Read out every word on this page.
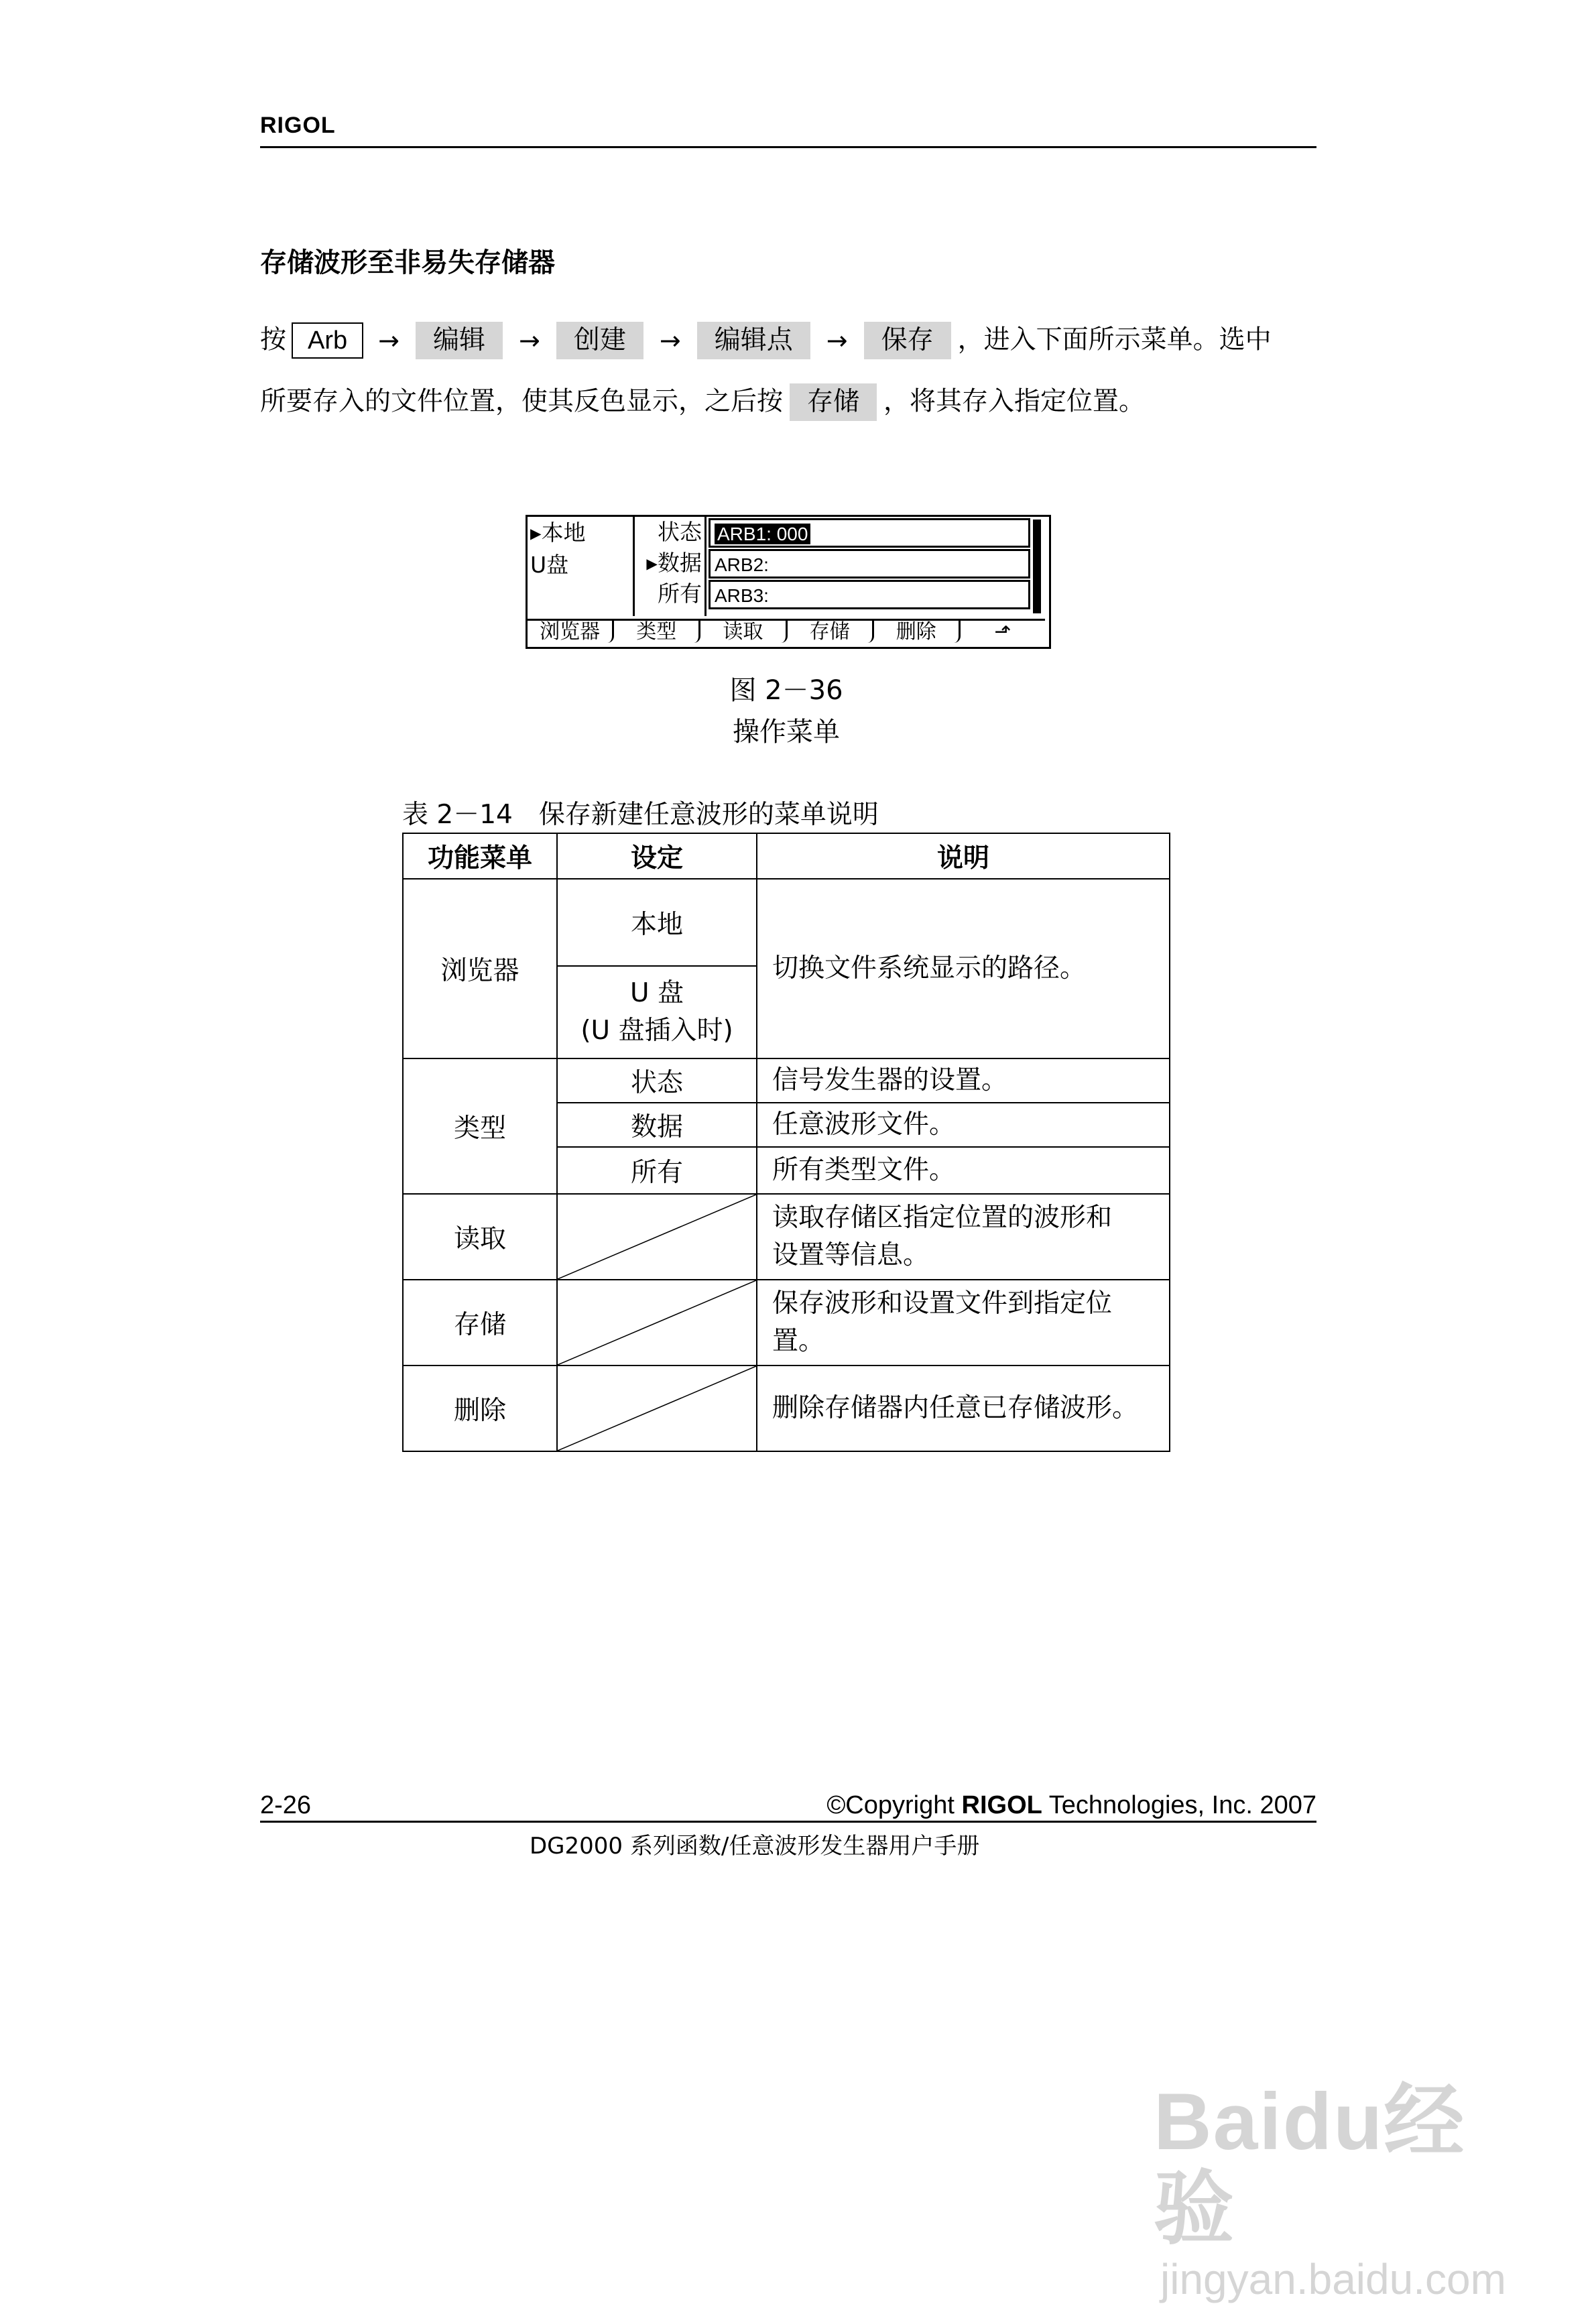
RIGOL
存储波形至非易失存储器
按 Arb → 编辑 → 创建 → 编辑点 → 保存 ，进入下面所示菜单。选中
所要存入的文件位置，使其反色显示，之后按 存储 ，将其存入指定位置。
▸本地
U盘
状态
▸数据
所有
ARB1: 000
ARB2:
ARB3:
浏览器	类型	读取	存储	删除	⬏
图 2－36
操作菜单
表 2－14　保存新建任意波形的菜单说明
功能菜单	设定	说明
浏览器	本地	切换文件系统显示的路径。

	U 盘
(U 盘插入时)	

类型	状态	信号发生器的设置。
	数据	任意波形文件。
	所有	所有类型文件。
读取		读取存储区指定位置的波形和
设置等信息。

存储		保存波形和设置文件到指定位
置。

删除		删除存储器内任意已存储波形。
2-26	©Copyright RIGOL Technologies, Inc. 2007
DG2000 系列函数/任意波形发生器用户手册
Baidu经验
jingyan.baidu.com
